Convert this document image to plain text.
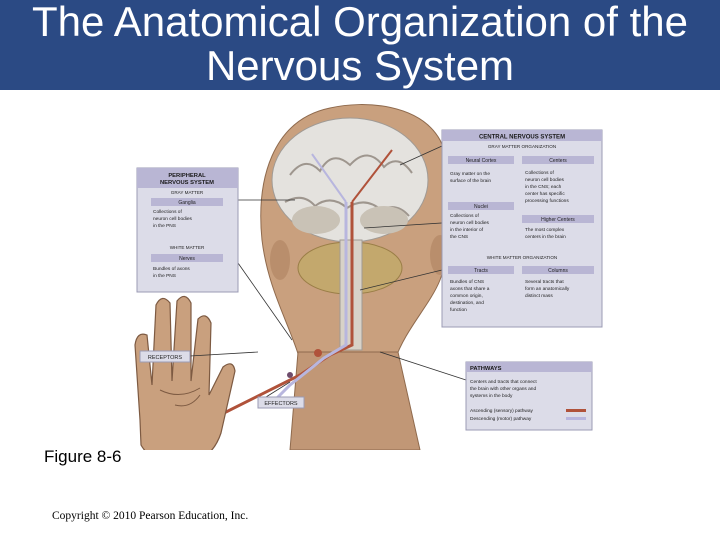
The Anatomical Organization of the
Nervous System
PERIPHERAL
NERVOUS SYSTEM
GRAY MATTER
Ganglia
Collections of
neuron cell bodies
in the PNS
WHITE MATTER
Nerves
Bundles of axons
in the PNS
CENTRAL NERVOUS SYSTEM
GRAY MATTER ORGANIZATION
Neural Cortex
Gray matter on the
surface of the brain
Centers
Collections of
neuron cell bodies
in the CNS; each
center has specific
processing functions
Nuclei
Collections of
neuron cell bodies
in the interior of
the CNS
Higher Centers
The most complex
centers in the brain
WHITE MATTER ORGANIZATION
Tracts
Bundles of CNS
axons that share a
common origin,
destination, and
function
Columns
Several tracts that
form an anatomically
distinct mass
PATHWAYS
Centers and tracts that connect
the brain with other organs and
systems in the body
Ascending (sensory) pathway
Descending (motor) pathway
RECEPTORS
EFFECTORS
Figure 8-6
Copyright © 2010 Pearson Education, Inc.
